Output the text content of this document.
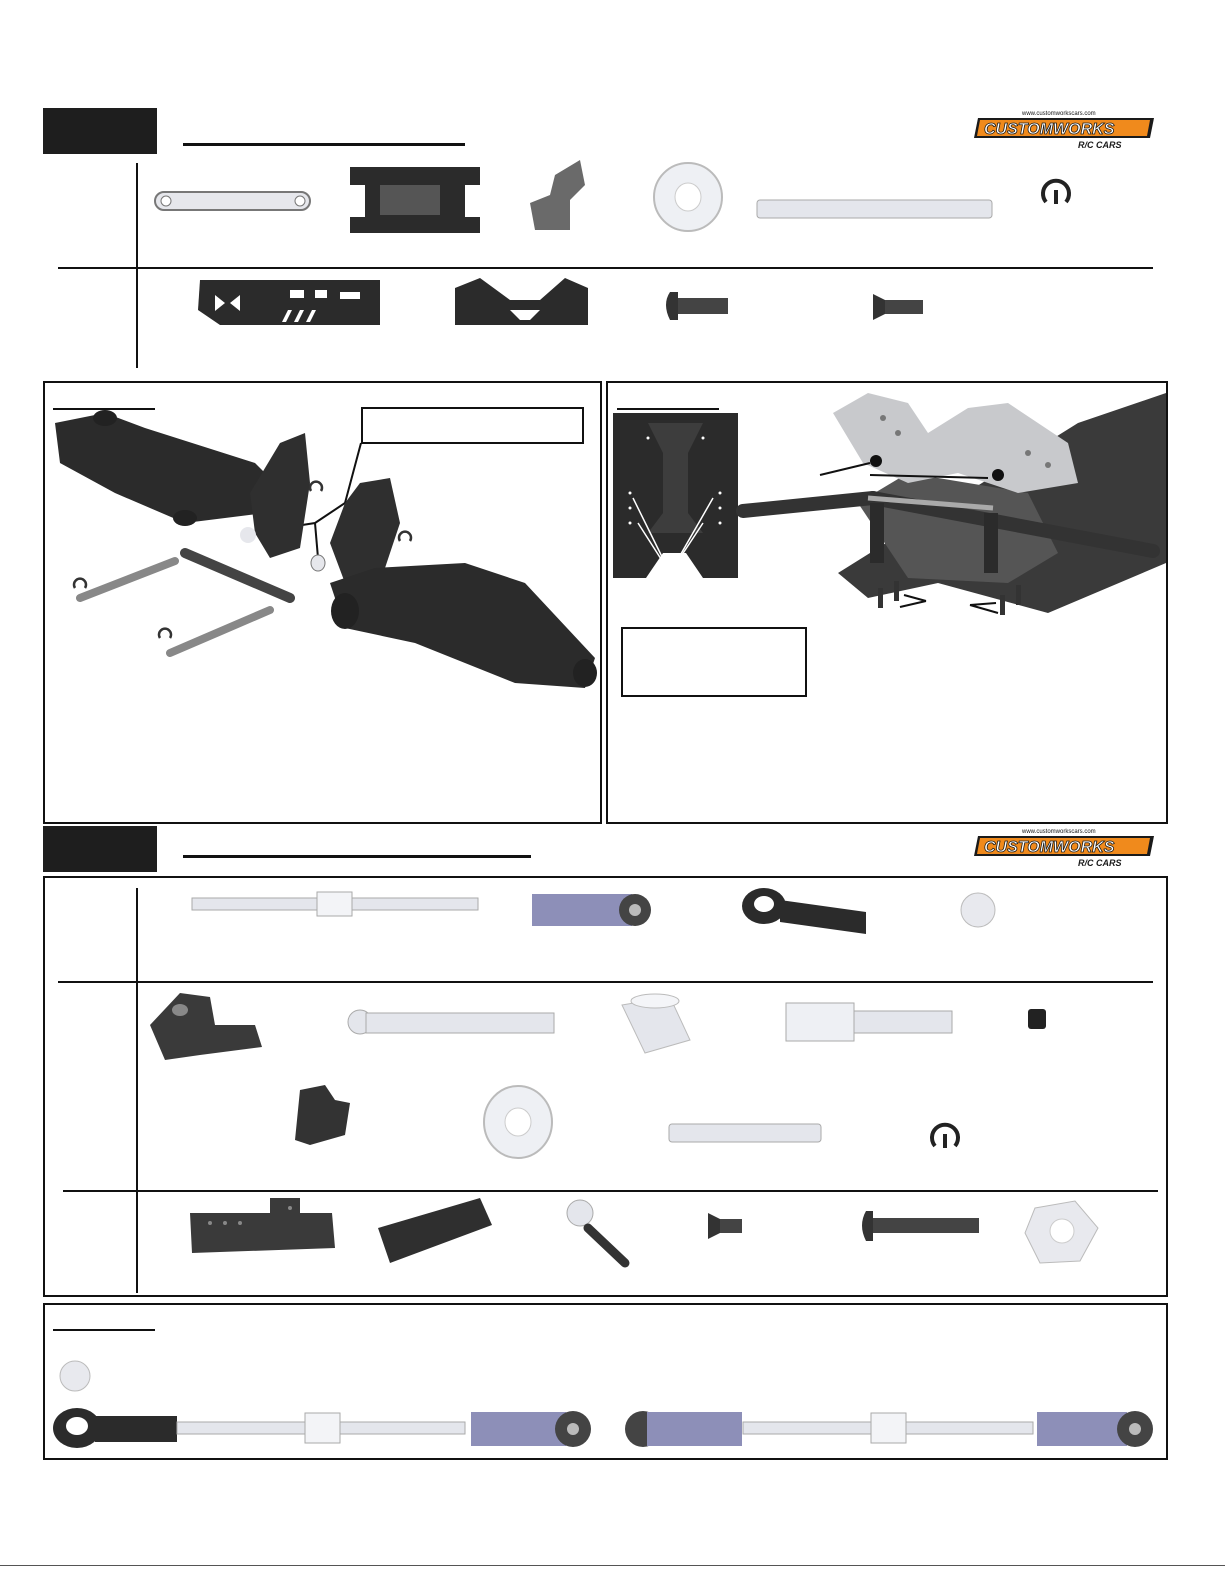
www.customworkscars.com
CUSTOMWORKS
R/C CARS
www.customworkscars.com
CUSTOMWORKS
R/C CARS
